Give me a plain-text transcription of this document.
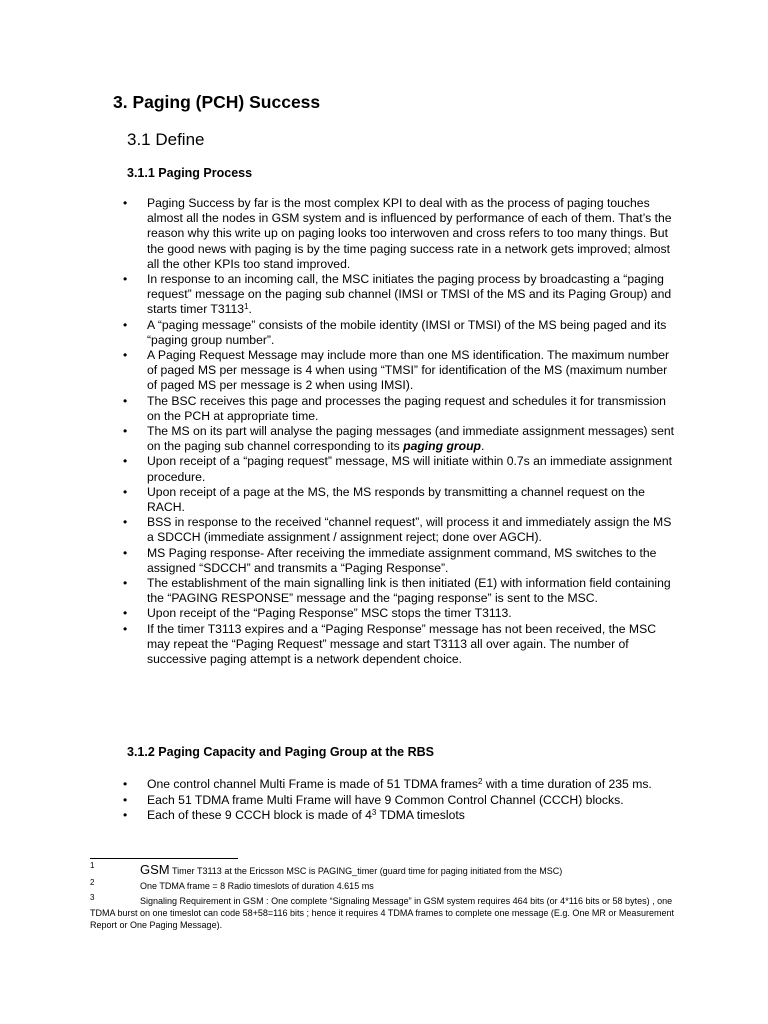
3. Paging (PCH) Success
3.1 Define
3.1.1 Paging Process
• Paging Success by far is the most complex KPI to deal with as the process of paging touches almost all the nodes in GSM system and is influenced by performance of each of them. That’s the reason why this write up on paging looks too interwoven and cross refers to too many things. But the good news with paging is by the time paging success rate in a network gets improved; almost all the other KPIs too stand improved.
• In response to an incoming call, the MSC initiates the paging process by broadcasting a “paging request” message on the paging sub channel (IMSI or TMSI of the MS and its Paging Group) and starts timer T3113$^1$.
• A “paging message” consists of the mobile identity (IMSI or TMSI) of the MS being paged and its “paging group number”.
• A Paging Request Message may include more than one MS identification. The maximum number of paged MS per message is 4 when using “TMSI” for identification of the MS (maximum number of paged MS per message is 2 when using IMSI).
• The BSC receives this page and processes the paging request and schedules it for transmission on the PCH at appropriate time.
• The MS on its part will analyse the paging messages (and immediate assignment messages) sent on the paging sub channel corresponding to its paging group.
• Upon receipt of a “paging request” message, MS will initiate within 0.7s an immediate assignment procedure.
• Upon receipt of a page at the MS, the MS responds by transmitting a channel request on the RACH.
• BSS in response to the received “channel request”, will process it and immediately assign the MS a SDCCH (immediate assignment / assignment reject; done over AGCH).
• MS Paging response- After receiving the immediate assignment command, MS switches to the assigned “SDCCH” and transmits a “Paging Response”.
• The establishment of the main signalling link is then initiated (E1) with information field containing the “PAGING RESPONSE” message and the “paging response” is sent to the MSC.
• Upon receipt of the “Paging Response” MSC stops the timer T3113.
• If the timer T3113 expires and a “Paging Response” message has not been received, the MSC may repeat the “Paging Request” message and start T3113 all over again. The number of successive paging attempt is a network dependent choice.
3.1.2 Paging Capacity and Paging Group at the RBS
• One control channel Multi Frame is made of 51 TDMA frames$^2$ with a time duration of 235 ms.
• Each 51 TDMA frame Multi Frame will have 9 Common Control Channel (CCCH) blocks.
• Each of these 9 CCCH block is made of $4^3$ TDMA timeslots
1	GSM Timer T3113 at the Ericsson MSC is PAGING_timer (guard time for paging initiated from the MSC)
2	One TDMA frame = 8 Radio timeslots of duration 4.615 ms
3	Signaling Requirement in GSM : One complete “Signaling Message” in GSM system requires 464 bits (or 4*116 bits or 58 bytes) , one TDMA burst on one timeslot can code 58+58=116 bits ; hence it requires 4 TDMA frames to complete one message (E.g. One MR or Measurement Report or One Paging Message).
